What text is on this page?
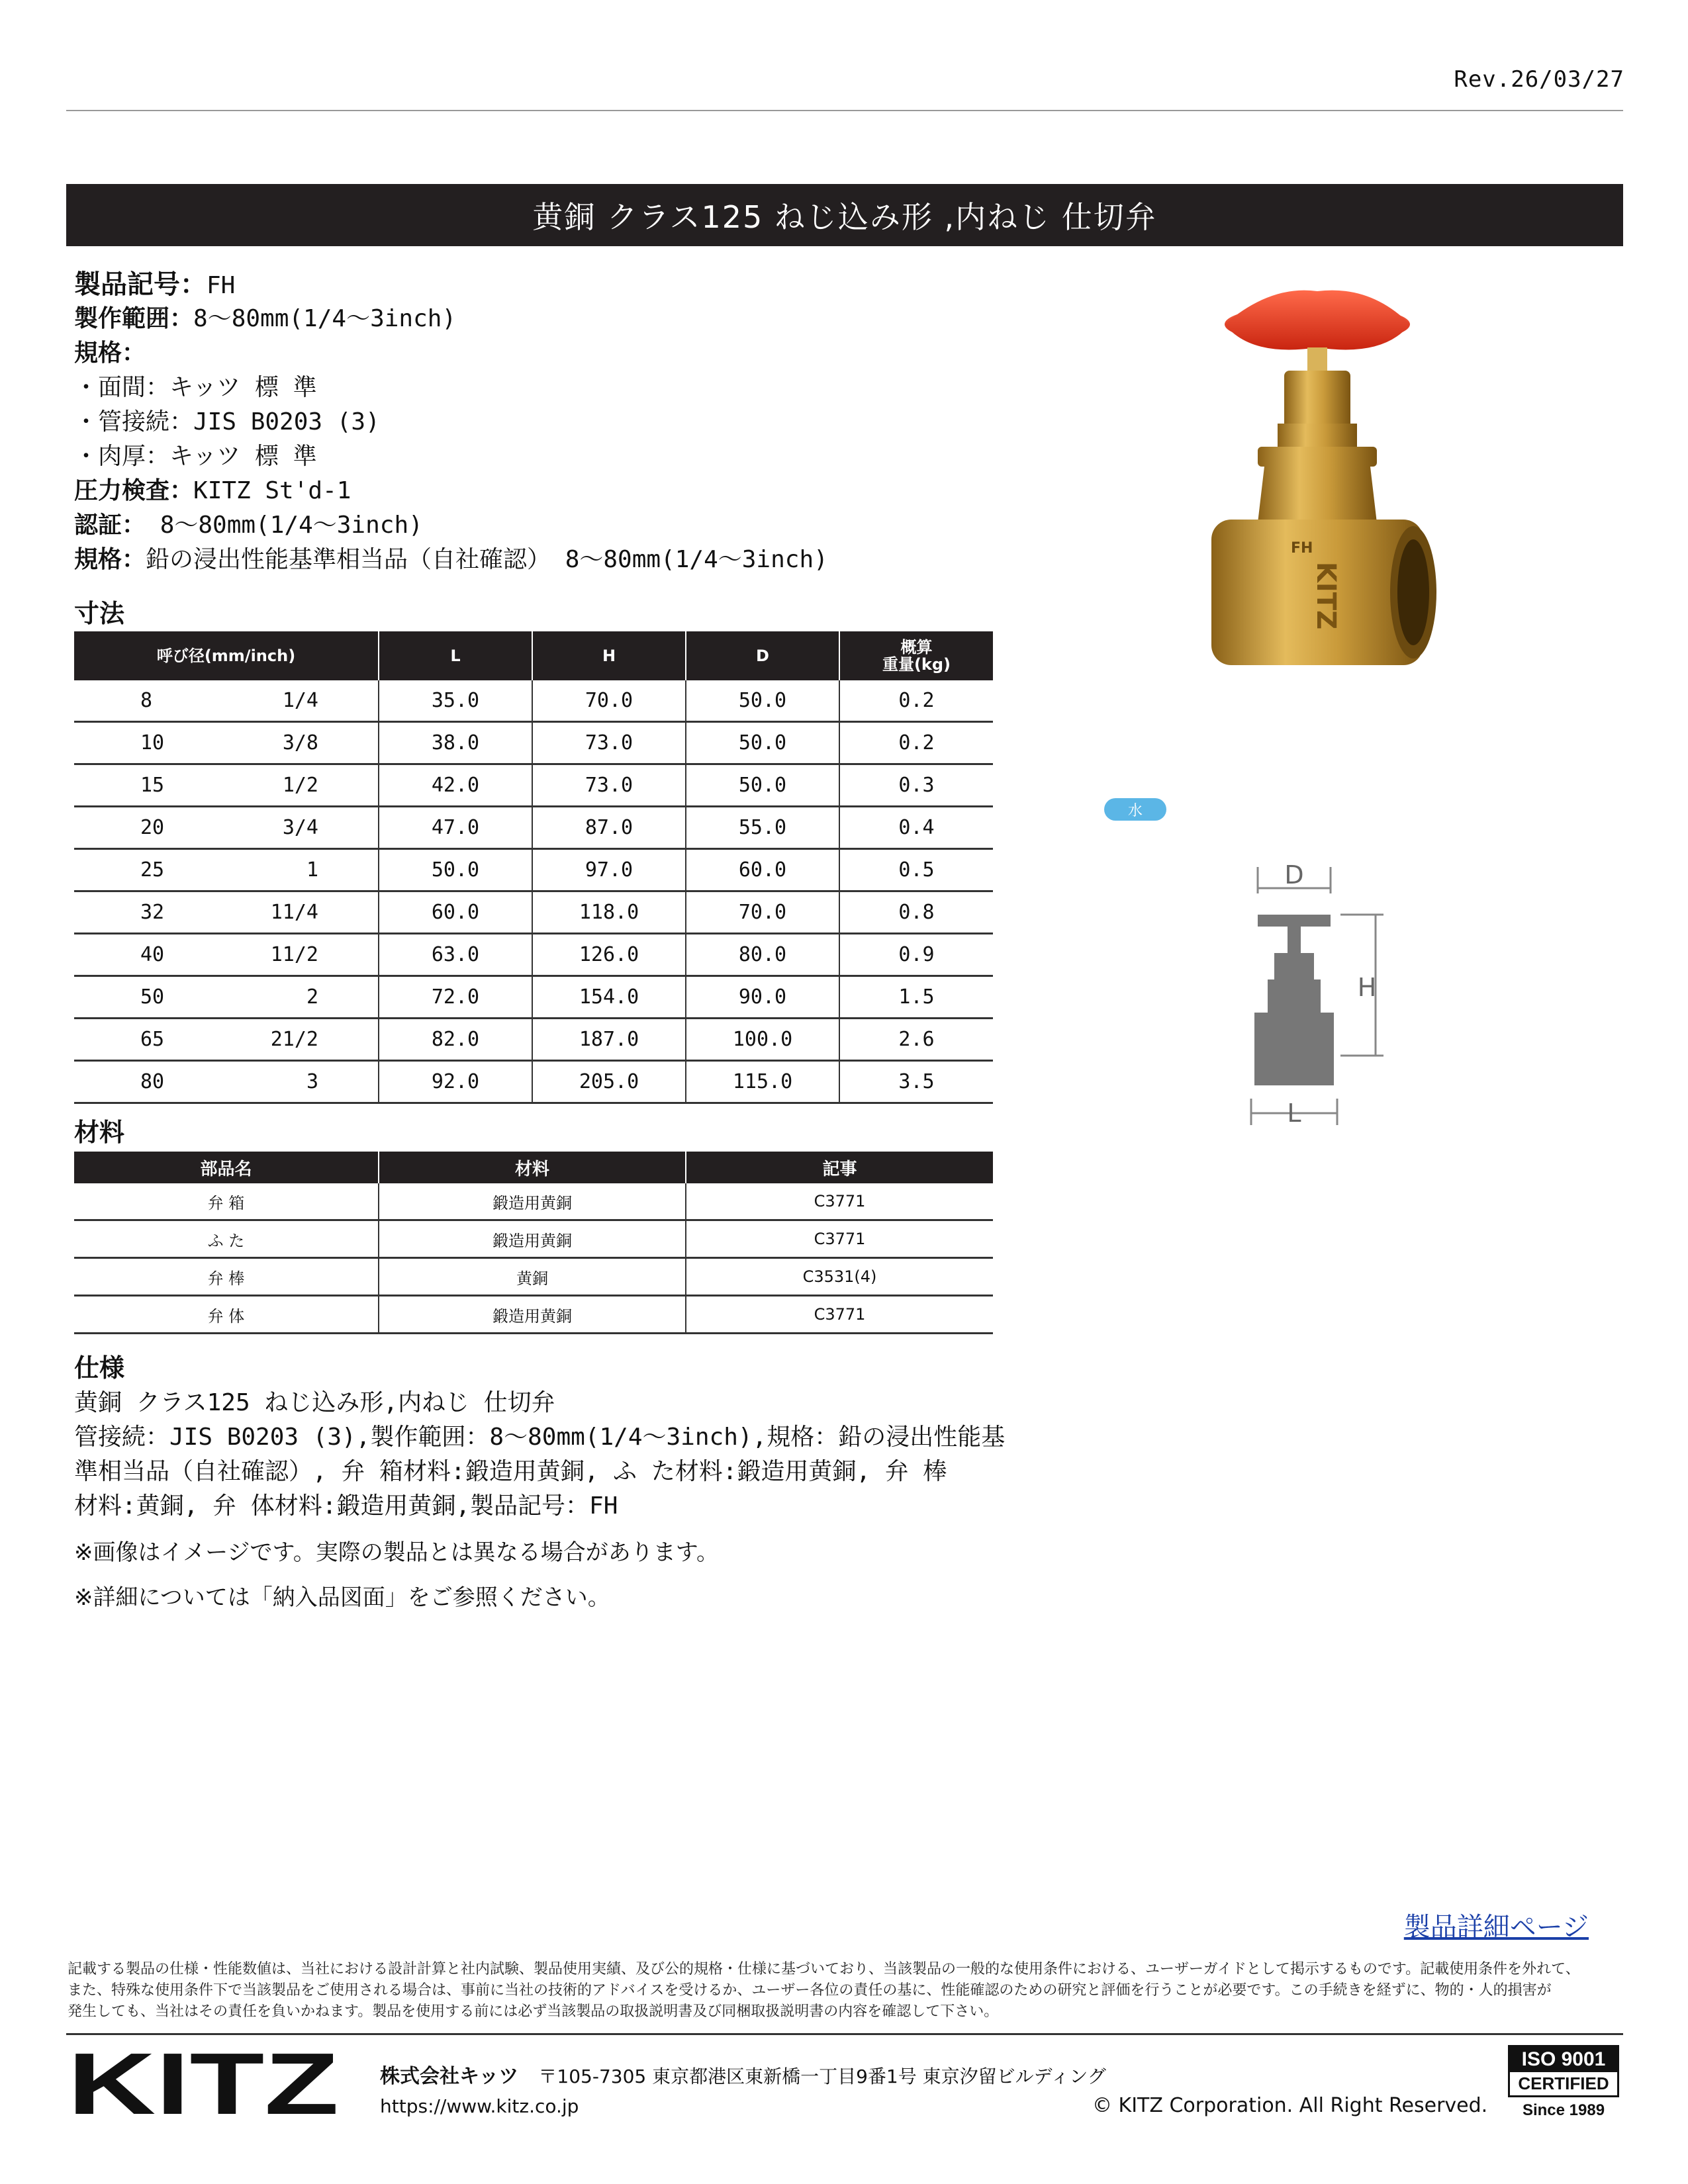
Rev.26/03/27
黄銅 クラス125 ねじ込み形 ,内ねじ 仕切弁
製品記号：FH
製作範囲：8～80mm(1/4～3inch)
規格：
・面間：キッツ 標 準
・管接続：JIS B0203 (3)
・肉厚：キッツ 標 準
圧力検査：KITZ St'd-1
認証： 8～80mm(1/4～3inch)
規格：鉛の浸出性能基準相当品（自社確認） 8～80mm(1/4～3inch)
寸法
呼び径(mm/inch)	L	H	D	概算
重量(kg)

8 1/4	35.0	70.0	50.0	0.2

10 3/8	38.0	73.0	50.0	0.2

15 1/2	42.0	73.0	50.0	0.3

20 3/4	47.0	87.0	55.0	0.4

25 1	50.0	97.0	60.0	0.5

32 11/4	60.0	118.0	70.0	0.8

40 11/2	63.0	126.0	80.0	0.9

50 2	72.0	154.0	90.0	1.5

65 21/2	82.0	187.0	100.0	2.6

80 3	92.0	205.0	115.0	3.5
材料
部品名	材料	記事
弁 箱	鍛造用黄銅	C3771
ふ た	鍛造用黄銅	C3771
弁 棒	黄銅	C3531(4)
弁 体	鍛造用黄銅	C3771
仕様
黄銅 クラス125 ねじ込み形,内ねじ 仕切弁
管接続：JIS B0203 (3),製作範囲：8～80mm(1/4～3inch),規格：鉛の浸出性能基
準相当品（自社確認）, 弁 箱材料:鍛造用黄銅, ふ た材料:鍛造用黄銅, 弁 棒
材料:黄銅, 弁 体材料:鍛造用黄銅,製品記号：FH
※画像はイメージです。実際の製品とは異なる場合があります。
※詳細については「納入品図面」をご参照ください。
FH
KITZ
水
D
H
L
製品詳細ページ
記載する製品の仕様・性能数値は、当社における設計計算と社内試験、製品使用実績、及び公的規格・仕様に基づいており、当該製品の一般的な使用条件における、ユーザーガイドとして掲示するものです。記載使用条件を外れて、
また、特殊な使用条件下で当該製品をご使用される場合は、事前に当社の技術的アドバイスを受けるか、ユーザー各位の責任の基に、性能確認のための研究と評価を行うことが必要です。この手続きを経ずに、物的・人的損害が
発生しても、当社はその責任を負いかねます。製品を使用する前には必ず当該製品の取扱説明書及び同梱取扱説明書の内容を確認して下さい。
KITZ 株式会社キッツ 〒105-7305 東京都港区東新橋一丁目9番1号 東京汐留ビルディング
https://www.kitz.co.jp	© KITZ Corporation. All Right Reserved.
ISO 9001
CERTIFIED
Since 1989
